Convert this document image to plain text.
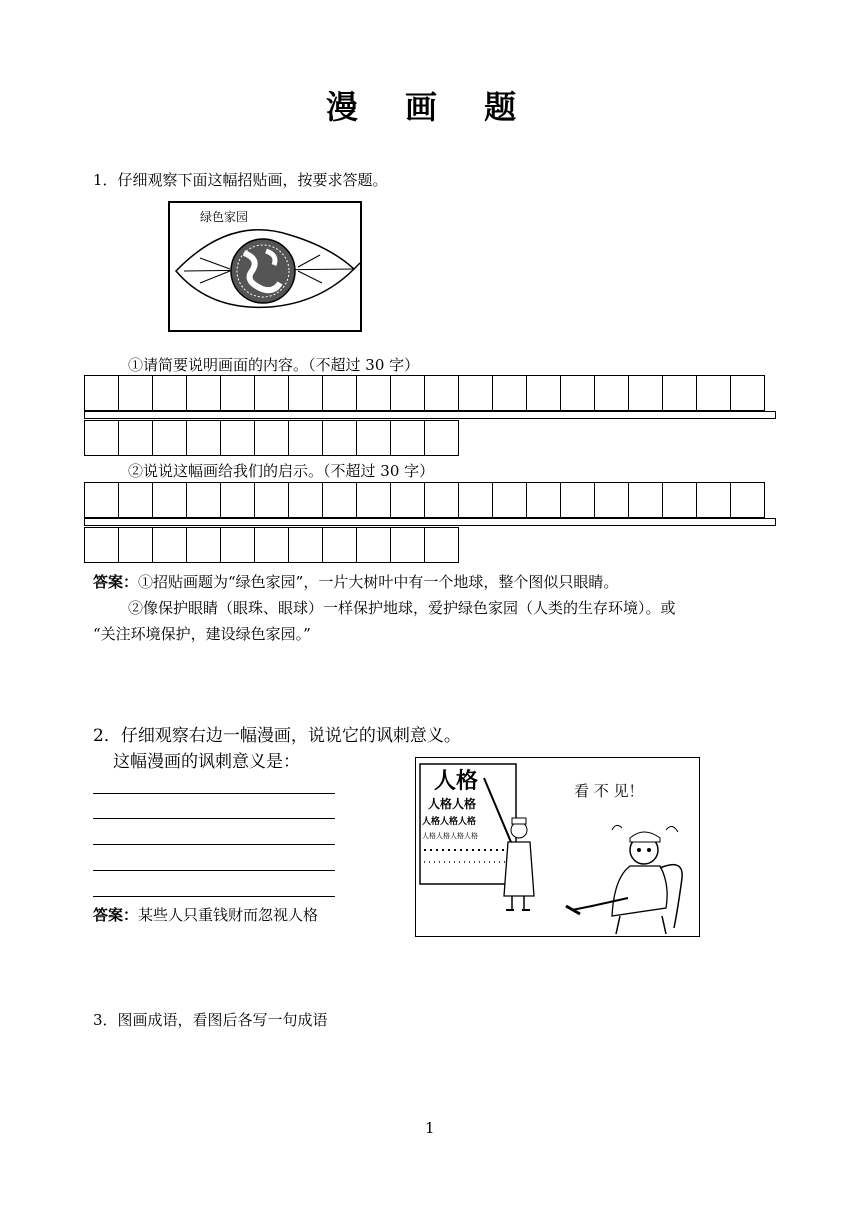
漫 画 题
1．仔细观察下面这幅招贴画，按要求答题。
绿色家园
①请简要说明画面的内容。（不超过 30 字）

②说说这幅画给我们的启示。（不超过 30 字）

答案：①招贴画题为“绿色家园”，一片大树叶中有一个地球，整个图似只眼睛。
②像保护眼睛（眼珠、眼球）一样保护地球，爱护绿色家园（人类的生存环境）。或
“关注环境保护，建设绿色家园。”
2．仔细观察右边一幅漫画，说说它的讽刺意义。
这幅漫画的讽刺意义是：
答案：某些人只重钱财而忽视人格
人格
人格人格
人格人格人格
人格人格人格人格
看 不 见！
3．图画成语，看图后各写一句成语
1
